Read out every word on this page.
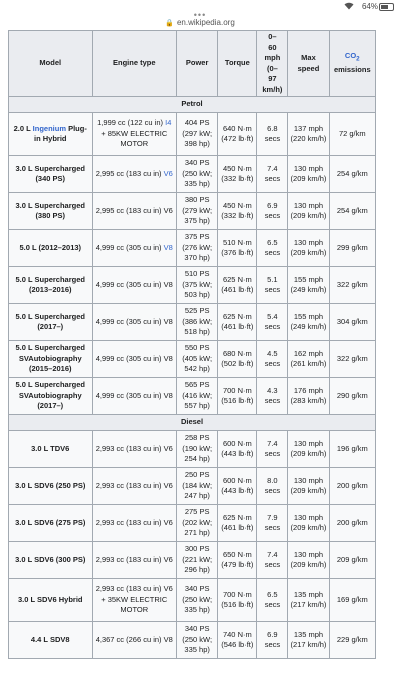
64%
•••
🔒 en.wikipedia.org
Model	Engine type	Power	Torque	0–
60 mph
(0–
97 km/h)	Max speed	$CO_2$
emissions
Petrol						
2.0 L Ingenium Plug-in Hybrid	1,999 cc (122 cu in) I4 + 85KW ELECTRIC MOTOR	404 PS (297 kW; 398 hp)	640 N·m (472 lb·ft)	6.8 secs	137 mph (220 km/h)	72 g/km
3.0 L Supercharged (340 PS)	2,995 cc (183 cu in) V6	340 PS (250 kW; 335 hp)	450 N·m (332 lb·ft)	7.4 secs	130 mph (209 km/h)	254 g/km
3.0 L Supercharged (380 PS)	2,995 cc (183 cu in) V6	380 PS (279 kW; 375 hp)	450 N·m (332 lb·ft)	6.9 secs	130 mph (209 km/h)	254 g/km
5.0 L (2012–2013)	4,999 cc (305 cu in) V8	375 PS (276 kW; 370 hp)	510 N·m (376 lb·ft)	6.5 secs	130 mph (209 km/h)	299 g/km
5.0 L Supercharged (2013–2016)	4,999 cc (305 cu in) V8	510 PS (375 kW; 503 hp)	625 N·m (461 lb·ft)	5.1 secs	155 mph (249 km/h)	322 g/km
5.0 L Supercharged (2017–)	4,999 cc (305 cu in) V8	525 PS (386 kW; 518 hp)	625 N·m (461 lb·ft)	5.4 secs	155 mph (249 km/h)	304 g/km
5.0 L Supercharged SVAutobiography (2015–2016)	4,999 cc (305 cu in) V8	550 PS (405 kW; 542 hp)	680 N·m (502 lb·ft)	4.5 secs	162 mph (261 km/h)	322 g/km
5.0 L Supercharged SVAutobiography (2017–)	4,999 cc (305 cu in) V8	565 PS (416 kW; 557 hp)	700 N·m (516 lb·ft)	4.3 secs	176 mph (283 km/h)	290 g/km
Diesel						
3.0 L TDV6	2,993 cc (183 cu in) V6	258 PS (190 kW; 254 hp)	600 N·m (443 lb·ft)	7.4 secs	130 mph (209 km/h)	196 g/km
3.0 L SDV6 (250 PS)	2,993 cc (183 cu in) V6	250 PS (184 kW; 247 hp)	600 N·m (443 lb·ft)	8.0 secs	130 mph (209 km/h)	200 g/km
3.0 L SDV6 (275 PS)	2,993 cc (183 cu in) V6	275 PS (202 kW; 271 hp)	625 N·m (461 lb·ft)	7.9 secs	130 mph (209 km/h)	200 g/km
3.0 L SDV6 (300 PS)	2,993 cc (183 cu in) V6	300 PS (221 kW; 296 hp)	650 N·m (479 lb·ft)	7.4 secs	130 mph (209 km/h)	209 g/km
3.0 L SDV6 Hybrid	2,993 cc (183 cu in) V6 + 35KW ELECTRIC MOTOR	340 PS (250 kW; 335 hp)	700 N·m (516 lb·ft)	6.5 secs	135 mph (217 km/h)	169 g/km
4.4 L SDV8	4,367 cc (266 cu in) V8	340 PS (250 kW; 335 hp)	740 N·m (546 lb·ft)	6.9 secs	135 mph (217 km/h)	229 g/km
